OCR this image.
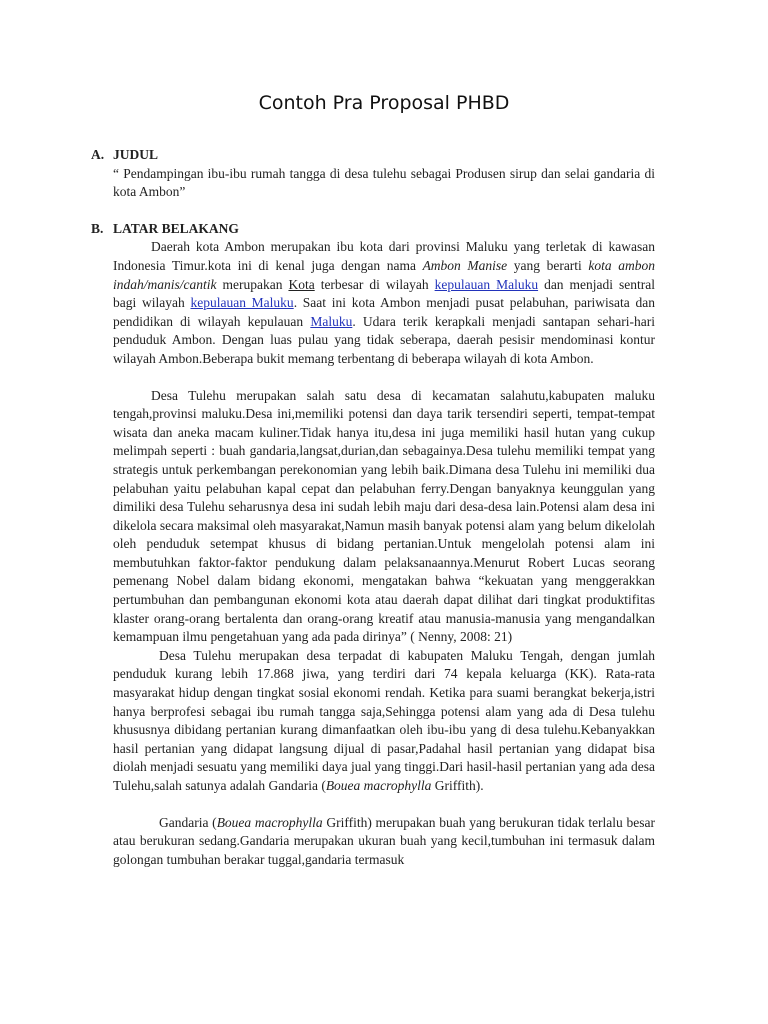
Contoh Pra Proposal PHBD
A. JUDUL

“ Pendampingan ibu-ibu rumah tangga di desa tulehu sebagai Produsen sirup dan selai gandaria di kota Ambon”

B. LATAR BELAKANG

Daerah kota Ambon merupakan ibu kota dari provinsi Maluku yang terletak di kawasan Indonesia Timur.kota ini di kenal juga dengan nama Ambon Manise yang berarti kota ambon indah/manis/cantik merupakan Kota terbesar di wilayah kepulauan Maluku dan menjadi sentral bagi wilayah kepulauan Maluku. Saat ini kota Ambon menjadi pusat pelabuhan, pariwisata dan pendidikan di wilayah kepulauan Maluku. Udara terik kerapkali menjadi santapan sehari-hari penduduk Ambon. Dengan luas pulau yang tidak seberapa, daerah pesisir mendominasi kontur wilayah Ambon.Beberapa bukit memang terbentang di beberapa wilayah di kota Ambon.

Desa Tulehu merupakan salah satu desa di kecamatan salahutu,kabupaten maluku tengah,provinsi maluku.Desa ini,memiliki potensi dan daya tarik tersendiri seperti, tempat-tempat wisata dan aneka macam kuliner.Tidak hanya itu,desa ini juga memiliki hasil hutan yang cukup melimpah seperti : buah gandaria,langsat,durian,dan sebagainya.Desa tulehu memiliki tempat yang strategis untuk perkembangan perekonomian yang lebih baik.Dimana desa Tulehu ini memiliki dua pelabuhan yaitu pelabuhan kapal cepat dan pelabuhan ferry.Dengan banyaknya keunggulan yang dimiliki desa Tulehu seharusnya desa ini sudah lebih maju dari desa-desa lain.Potensi alam desa ini dikelola secara maksimal oleh masyarakat,Namun masih banyak potensi alam yang belum dikelolah oleh penduduk setempat khusus di bidang pertanian.Untuk mengelolah potensi alam ini membutuhkan faktor-faktor pendukung dalam pelaksanaannya.Menurut Robert Lucas seorang pemenang Nobel dalam bidang ekonomi, mengatakan bahwa “kekuatan yang menggerakkan pertumbuhan dan pembangunan ekonomi kota atau daerah dapat dilihat dari tingkat produktifitas klaster orang-orang bertalenta dan orang-orang kreatif atau manusia-manusia yang mengandalkan kemampuan ilmu pengetahuan yang ada pada dirinya” ( Nenny, 2008: 21)

Desa Tulehu merupakan desa terpadat di kabupaten Maluku Tengah, dengan jumlah penduduk kurang lebih 17.868 jiwa, yang terdiri dari 74 kepala keluarga (KK). Rata-rata masyarakat hidup dengan tingkat sosial ekonomi rendah. Ketika para suami berangkat bekerja,istri hanya berprofesi sebagai ibu rumah tangga saja,Sehingga potensi alam yang ada di Desa tulehu khususnya dibidang pertanian kurang dimanfaatkan oleh ibu-ibu yang di desa tulehu.Kebanyakkan hasil pertanian yang didapat langsung dijual di pasar,Padahal hasil pertanian yang didapat bisa diolah menjadi sesuatu yang memiliki daya jual yang tinggi.Dari hasil-hasil pertanian yang ada desa Tulehu,salah satunya adalah Gandaria (Bouea macrophylla Griffith).

Gandaria (Bouea macrophylla Griffith) merupakan buah yang berukuran tidak terlalu besar atau berukuran sedang.Gandaria merupakan ukuran buah yang kecil,tumbuhan ini termasuk dalam golongan tumbuhan berakar tuggal,gandaria termasuk
